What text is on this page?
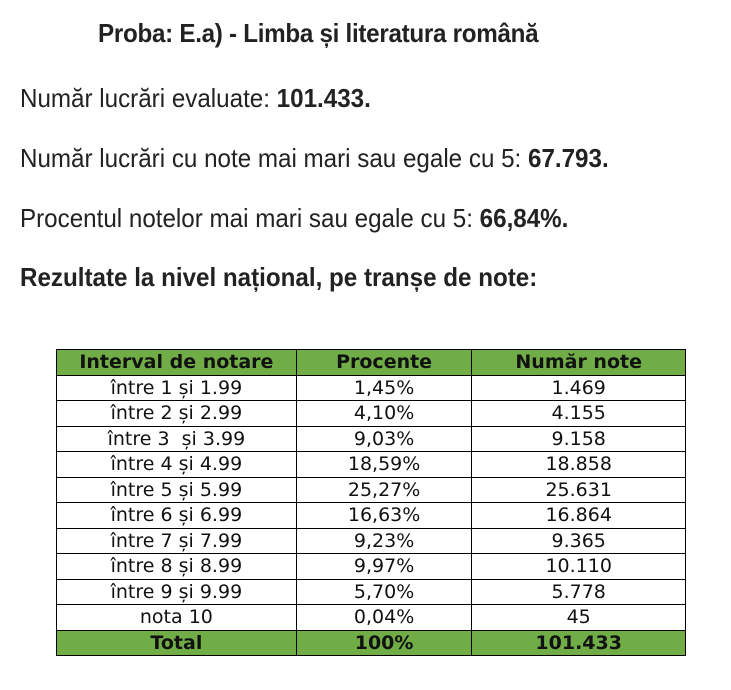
Proba: E.a) - Limba și literatura română
Număr lucrări evaluate: 101.433.
Număr lucrări cu note mai mari sau egale cu 5: 67.793.
Procentul notelor mai mari sau egale cu 5: 66,84%.
Rezultate la nivel național, pe tranșe de note:
Interval de notare	Procente	Număr note
între 1 și 1.99	1,45%	1.469
între 2 și 2.99	4,10%	4.155
între 3  și 3.99	9,03%	9.158
între 4 și 4.99	18,59%	18.858
între 5 și 5.99	25,27%	25.631
între 6 și 6.99	16,63%	16.864
între 7 și 7.99	9,23%	9.365
între 8 și 8.99	9,97%	10.110
între 9 și 9.99	5,70%	5.778
nota 10	0,04%	45
Total	100%	101.433
